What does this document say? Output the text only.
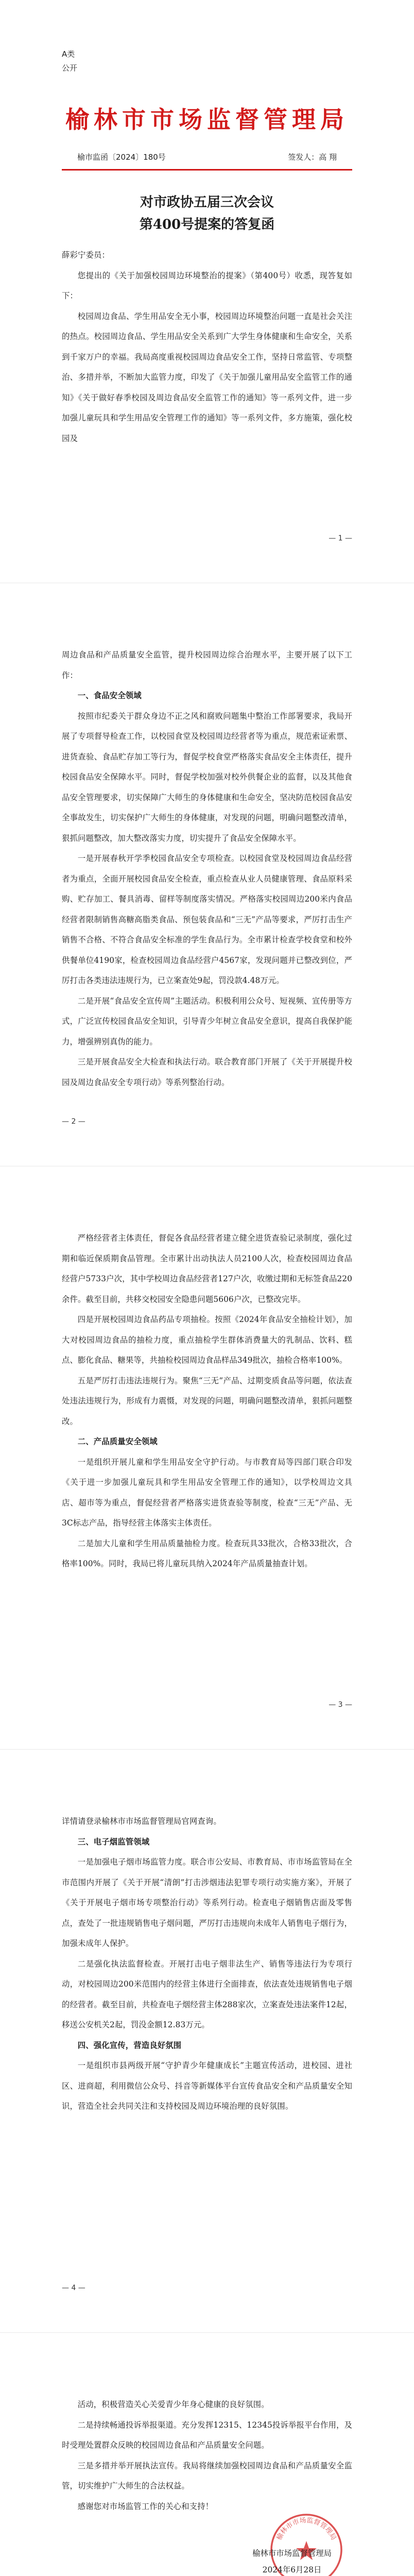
A类
公开
榆林市市场监督管理局
榆市监函〔2024〕180号	签发人：高 翔
对市政协五届三次会议
第400号提案的答复函

薛彩宁委员：

您提出的《关于加强校园周边环境整治的提案》（第400号）收悉，现答复如下：

校园周边食品、学生用品安全无小事，校园周边环境整治问题一直是社会关注的热点。校园周边食品、学生用品安全关系到广大学生身体健康和生命安全，关系到千家万户的幸福。我局高度重视校园周边食品安全工作，坚持日常监管、专项整治、多措并举，不断加大监管力度，印发了《关于加强儿童用品安全监管工作的通知》《关于做好春季校园及周边食品安全监管工作的通知》等一系列文件，进一步加强儿童玩具和学生用品安全管理工作的通知》等一系列文件，多方施策，强化校园及

— 1 —

周边食品和产品质量安全监管，提升校园周边综合治理水平，主要开展了以下工作：

一、食品安全领域

按照市纪委关于群众身边不正之风和腐败问题集中整治工作部署要求，我局开展了专项督导检查工作，以校园食堂及校园周边经营者等为重点，规范索证索票、进货查验、食品贮存加工等行为，督促学校食堂严格落实食品安全主体责任，提升校园食品安全保障水平。同时，督促学校加强对校外供餐企业的监督，以及其他食品安全管理要求，切实保障广大师生的身体健康和生命安全，坚决防范校园食品安全事故发生，切实保护广大师生的身体健康，对发现的问题，明确问题整改清单，狠抓问题整改，加大整改落实力度，切实提升了食品安全保障水平。

一是开展春秋开学季校园食品安全专项检查。以校园食堂及校园周边食品经营者为重点，全面开展校园食品安全检查，重点检查从业人员健康管理、食品原料采购、贮存加工、餐具消毒、留样等制度落实情况。严格落实校园周边200米内食品经营者限制销售高糖高脂类食品、预包装食品和“三无”产品等要求，严厉打击生产销售不合格、不符合食品安全标准的学生食品行为。全市累计检查学校食堂和校外供餐单位4190家，检查校园周边食品经营户4567家，发现问题并已整改到位，严厉打击各类违法违规行为，已立案查处9起，罚没款4.48万元。

二是开展“食品安全宣传周”主题活动。积极利用公众号、短视频、宣传册等方式，广泛宣传校园食品安全知识，引导青少年树立食品安全意识，提高自我保护能力，增强辨别真伪的能力。

三是开展食品安全大检查和执法行动。联合教育部门开展了《关于开展提升校园及周边食品安全专项行动》等系列整治行动。

— 2 —

严格经营者主体责任，督促各食品经营者建立健全进货查验记录制度，强化过期和临近保质期食品管理。全市累计出动执法人员2100人次，检查校园周边食品经营户5733户次，其中学校周边食品经营者127户次，收缴过期和无标签食品220余件。截至目前，共移交校园安全隐患问题5606户次，已整改完毕。

四是开展校园周边食品药品专项抽检。按照《2024年食品安全抽检计划》，加大对校园周边食品的抽检力度，重点抽检学生群体消费量大的乳制品、饮料、糕点、膨化食品、糖果等，共抽检校园周边食品样品349批次，抽检合格率100%。

五是严厉打击违法违规行为。聚焦“三无”产品、过期变质食品等问题，依法查处违法违规行为，形成有力震慑，对发现的问题，明确问题整改清单，狠抓问题整改。

二、产品质量安全领域

一是组织开展儿童和学生用品安全守护行动。与市教育局等四部门联合印发《关于进一步加强儿童玩具和学生用品安全管理工作的通知》，以学校周边文具店、超市等为重点，督促经营者严格落实进货查验等制度，检查“三无”产品、无3C标志产品，指导经营主体落实主体责任。

二是加大儿童和学生用品质量抽检力度。检查玩具33批次，合格33批次，合格率100%。同时，我局已将儿童玩具纳入2024年产品质量抽查计划。

— 3 —

详情请登录榆林市市场监督管理局官网查询。

三、电子烟监管领域

一是加强电子烟市场监管力度。联合市公安局、市教育局、市市场监管局在全市范围内开展了《关于开展“清朗”打击涉烟违法犯罪专项行动实施方案》，开展了《关于开展电子烟市场专项整治行动》等系列行动。检查电子烟销售店面及零售点，查处了一批违规销售电子烟问题，严厉打击违规向未成年人销售电子烟行为，加强未成年人保护。

二是强化执法监督检查。开展打击电子烟非法生产、销售等违法行为专项行动，对校园周边200米范围内的经营主体进行全面排查，依法查处违规销售电子烟的经营者。截至目前，共检查电子烟经营主体288家次，立案查处违法案件12起，移送公安机关2起，罚没金额12.83万元。

四、强化宣传，营造良好氛围

一是组织市县两级开展“守护青少年健康成长”主题宣传活动，进校园、进社区、进商超，利用微信公众号、抖音等新媒体平台宣传食品安全和产品质量安全知识，营造全社会共同关注和支持校园及周边环境治理的良好氛围。

— 4 —

活动，积极营造关心关爱青少年身心健康的良好氛围。

二是持续畅通投诉举报渠道。充分发挥12315、12345投诉举报平台作用，及时受理处置群众反映的校园周边食品和产品质量安全问题。

三是多措并举开展执法宣传。我局将继续加强校园周边食品和产品质量安全监管，切实维护广大师生的合法权益。

感谢您对市场监管工作的关心和支持！

榆林市市场监督管理局
榆林市市场监督管理局
2024年6月28日
